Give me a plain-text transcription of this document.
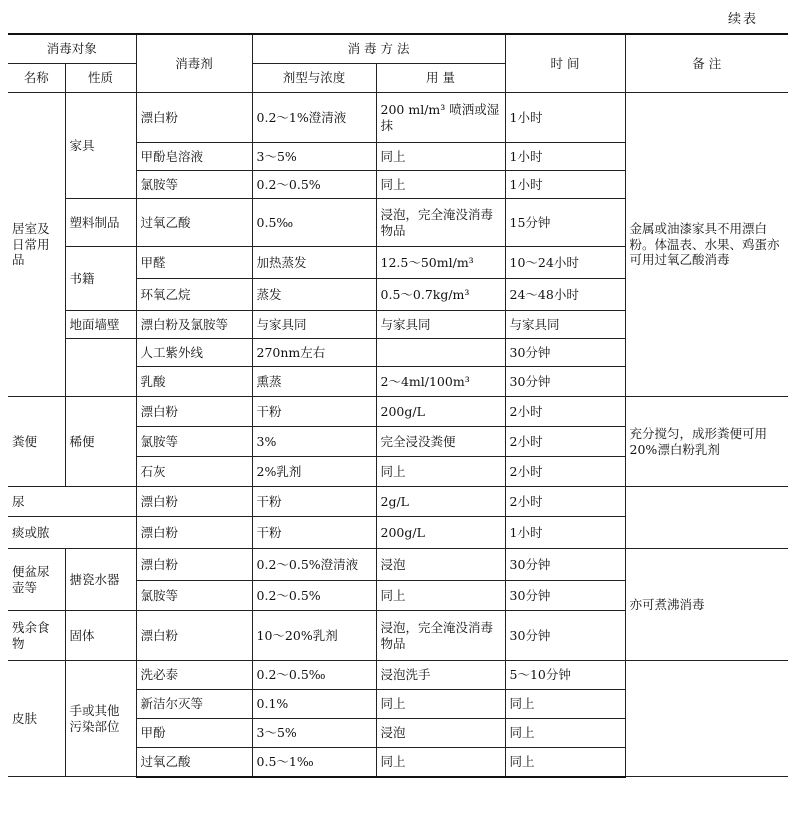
续表
消毒对象		消毒剂	消 毒 方 法		时 间	备 注
名称	性质		剂型与浓度	用 量		
居室及日常用品	家具	漂白粉	0.2～1%澄清液	200 ml/m³ 喷洒或湿抹	1小时	金属或油漆家具不用漂白粉。体温表、水果、鸡蛋亦可用过氧乙酸消毒
		甲酚皂溶液	3～5%	同上	1小时	
		氯胺等	0.2～0.5%	同上	1小时	
	塑料制品	过氧乙酸	0.5‰	浸泡，完全淹没消毒物品	15分钟	
	书籍	甲醛	加热蒸发	12.5～50ml/m³	10～24小时	
		环氧乙烷	蒸发	0.5～0.7kg/m³	24～48小时	
	地面墙壁	漂白粉及氯胺等	与家具同	与家具同	与家具同	
		人工紫外线	270nm左右		30分钟	
		乳酸	熏蒸	2～4ml/100m³	30分钟	
粪便	稀便	漂白粉	干粉	200g/L	2小时	充分搅匀，成形粪便可用20%漂白粉乳剂
		氯胺等	3%	完全浸没粪便	2小时	
		石灰	2%乳剂	同上	2小时	
尿		漂白粉	干粉	2g/L	2小时	
痰或脓		漂白粉	干粉	200g/L	1小时	
便盆尿壶等	搪瓷水器	漂白粉	0.2～0.5%澄清液	浸泡	30分钟	亦可煮沸消毒
		氯胺等	0.2～0.5%	同上	30分钟	
残余食物	固体	漂白粉	10～20%乳剂	浸泡，完全淹没消毒物品	30分钟	
皮肤	手或其他污染部位	洗必泰	0.2～0.5‰	浸泡洗手	5～10分钟	
		新洁尔灭等	0.1%	同上	同上	
		甲酚	3～5%	浸泡	同上	
		过氧乙酸	0.5～1‰	同上	同上	
